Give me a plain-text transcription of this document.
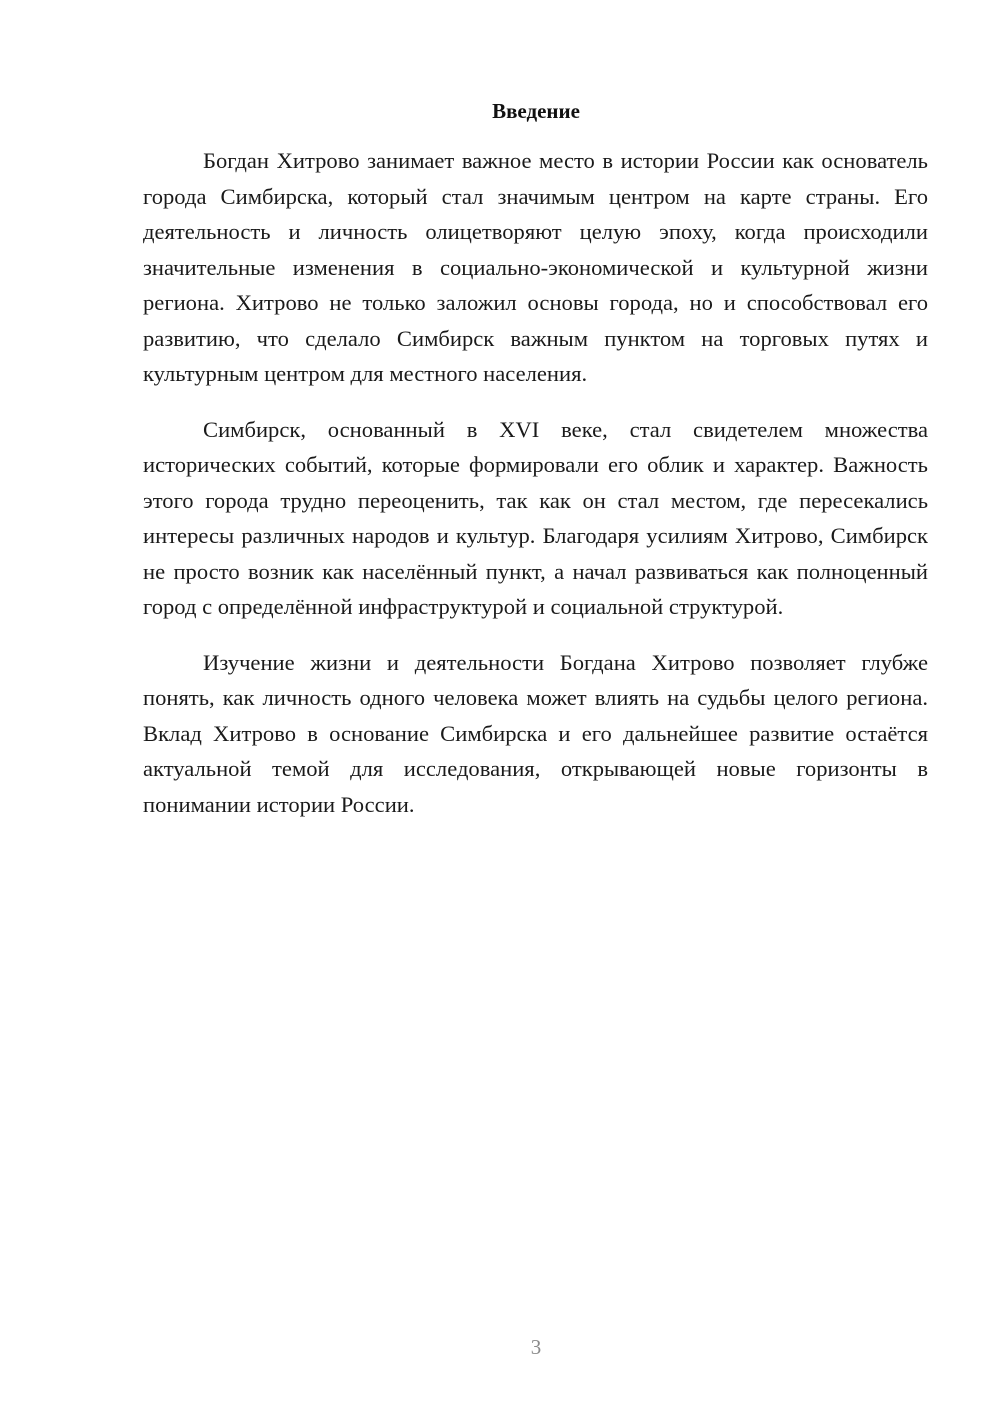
Введение

Богдан Хитрово занимает важное место в истории России как основатель города Симбирска, который стал значимым центром на карте страны. Его деятельность и личность олицетворяют целую эпоху, когда происходили значительные изменения в социально-экономической и культурной жизни региона. Хитрово не только заложил основы города, но и способствовал его развитию, что сделало Симбирск важным пунктом на торговых путях и культурным центром для местного населения.

Симбирск, основанный в XVI веке, стал свидетелем множества исторических событий, которые формировали его облик и характер. Важность этого города трудно переоценить, так как он стал местом, где пересекались интересы различных народов и культур. Благодаря усилиям Хитрово, Симбирск не просто возник как населённый пункт, а начал развиваться как полноценный город с определённой инфраструктурой и социальной структурой.

Изучение жизни и деятельности Богдана Хитрово позволяет глубже понять, как личность одного человека может влиять на судьбы целого региона. Вклад Хитрово в основание Симбирска и его дальнейшее развитие остаётся актуальной темой для исследования, открывающей новые горизонты в понимании истории России.

3
